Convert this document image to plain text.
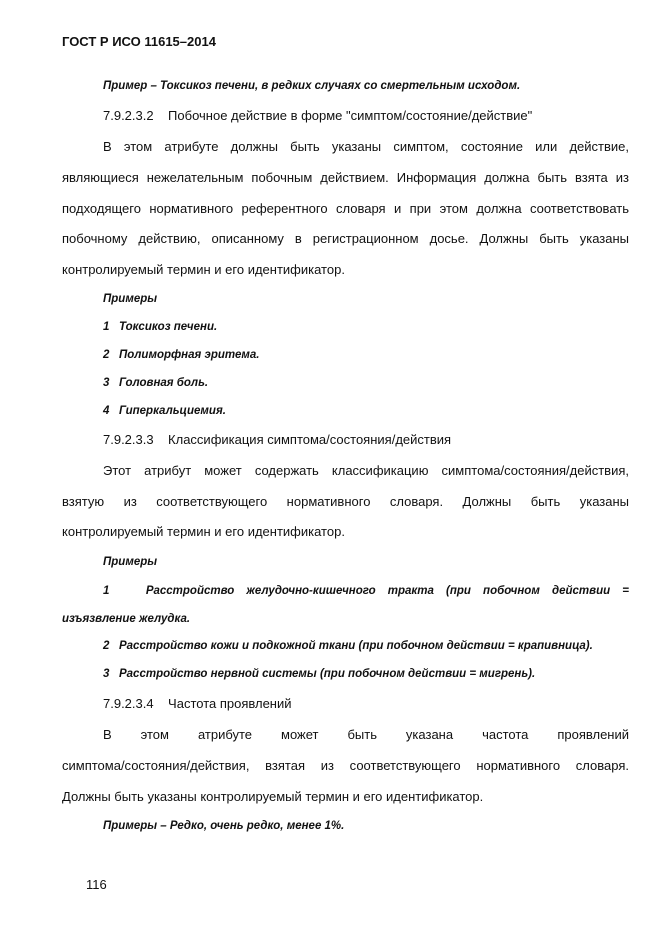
ГОСТ Р ИСО 11615–2014
Пример – Токсикоз печени, в редких случаях со смертельным исходом.
7.9.2.3.2    Побочное действие в форме "симптом/состояние/действие"
В этом атрибуте должны быть указаны симптом, состояние или действие,
являющиеся нежелательным побочным действием. Информация должна быть взята из
подходящего нормативного референтного словаря и при этом должна соответствовать
побочному действию, описанному в регистрационном досье. Должны быть указаны
контролируемый термин и его идентификатор.
Примеры
1   Токсикоз печени.
2   Полиморфная эритема.
3   Головная боль.
4   Гиперкальциемия.
7.9.2.3.3    Классификация симптома/состояния/действия
Этот атрибут может содержать классификацию симптома/состояния/действия,
взятую из соответствующего нормативного словаря. Должны быть указаны
контролируемый термин и его идентификатор.
Примеры
1   Расстройство желудочно-кишечного тракта (при побочном действии =
изъязвление желудка.
2   Расстройство кожи и подкожной ткани (при побочном действии = крапивница).
3   Расстройство нервной системы (при побочном действии = мигрень).
7.9.2.3.4    Частота проявлений
В этом атрибуте может быть указана частота проявлений
симптома/состояния/действия, взятая из соответствующего нормативного словаря.
Должны быть указаны контролируемый термин и его идентификатор.
Примеры – Редко, очень редко, менее 1%.
116
